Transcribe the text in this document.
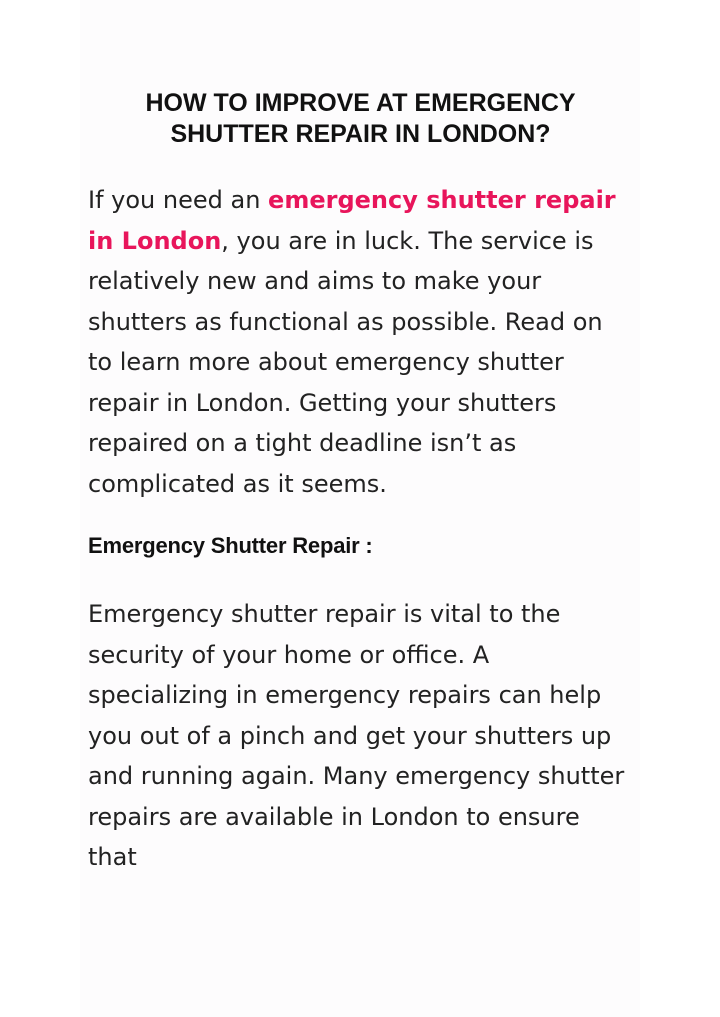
HOW TO IMPROVE AT EMERGENCY
SHUTTER REPAIR IN LONDON?

If you need an emergency shutter repair in London, you are in luck. The service is relatively new and aims to make your shutters as functional as possible. Read on to learn more about emergency shutter repair in London. Getting your shutters repaired on a tight deadline isn’t as complicated as it seems.

Emergency Shutter Repair :

Emergency shutter repair is vital to the security of your home or office. A specializing in emergency repairs can help you out of a pinch and get your shutters up and running again. Many emergency shutter repairs are available in London to ensure that
